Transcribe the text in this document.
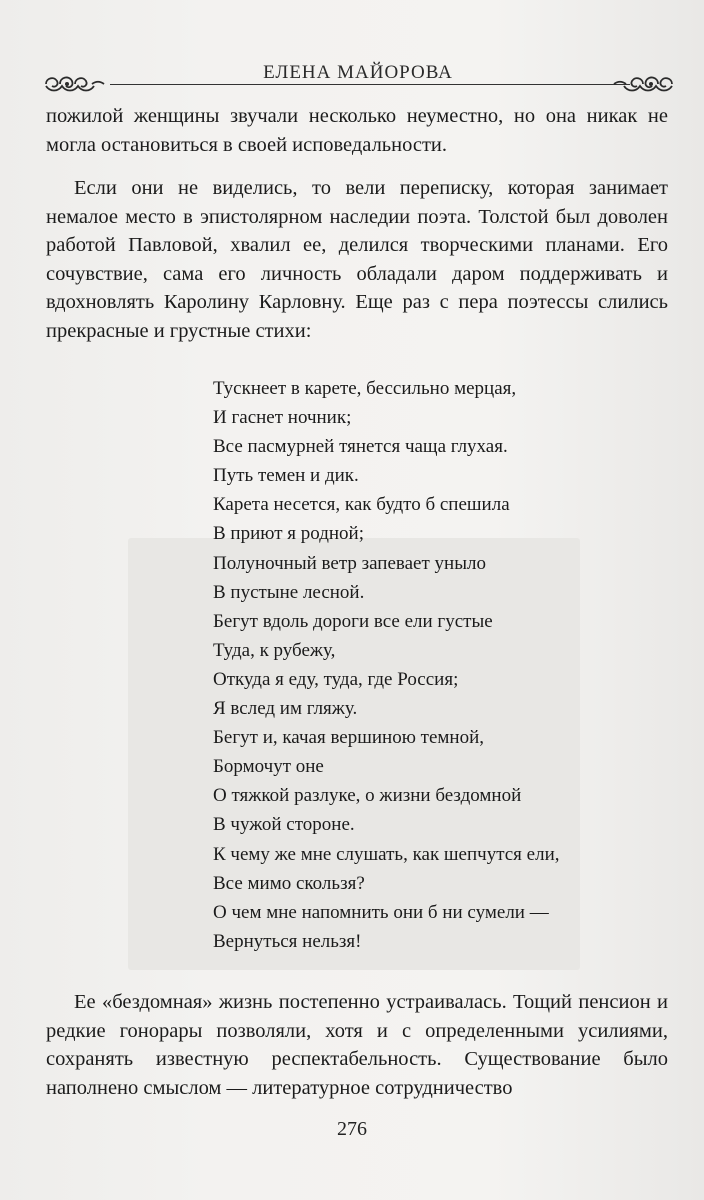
ЕЛЕНА МАЙОРОВА

пожилой женщины звучали несколько неуместно, но она никак не могла остановиться в своей исповедальности.

Если они не виделись, то вели переписку, которая занимает немалое место в эпистолярном наследии поэта. Толстой был доволен работой Павловой, хвалил ее, делился творческими планами. Его сочувствие, сама его личность обладали даром поддерживать и вдохновлять Каролину Карловну. Еще раз с пера поэтессы слились прекрасные и грустные стихи:

Тускнеет в карете, бессильно мерцая,
И гаснет ночник;
Все пасмурней тянется чаща глухая.
Путь темен и дик.
Карета несется, как будто б спешила
В приют я родной;
Полуночный ветр запевает уныло
В пустыне лесной.
Бегут вдоль дороги все ели густые
Туда, к рубежу,
Откуда я еду, туда, где Россия;
Я вслед им гляжу.
Бегут и, качая вершиною темной,
Бормочут оне
О тяжкой разлуке, о жизни бездомной
В чужой стороне.
К чему же мне слушать, как шепчутся ели,
Все мимо скользя?
О чем мне напомнить они б ни сумели —
Вернуться нельзя!

Ее «бездомная» жизнь постепенно устраивалась. Тощий пенсион и редкие гонорары позволяли, хотя и с определенными усилиями, сохранять известную респектабельность. Существование было наполнено смыслом — литературное сотрудничество

276
